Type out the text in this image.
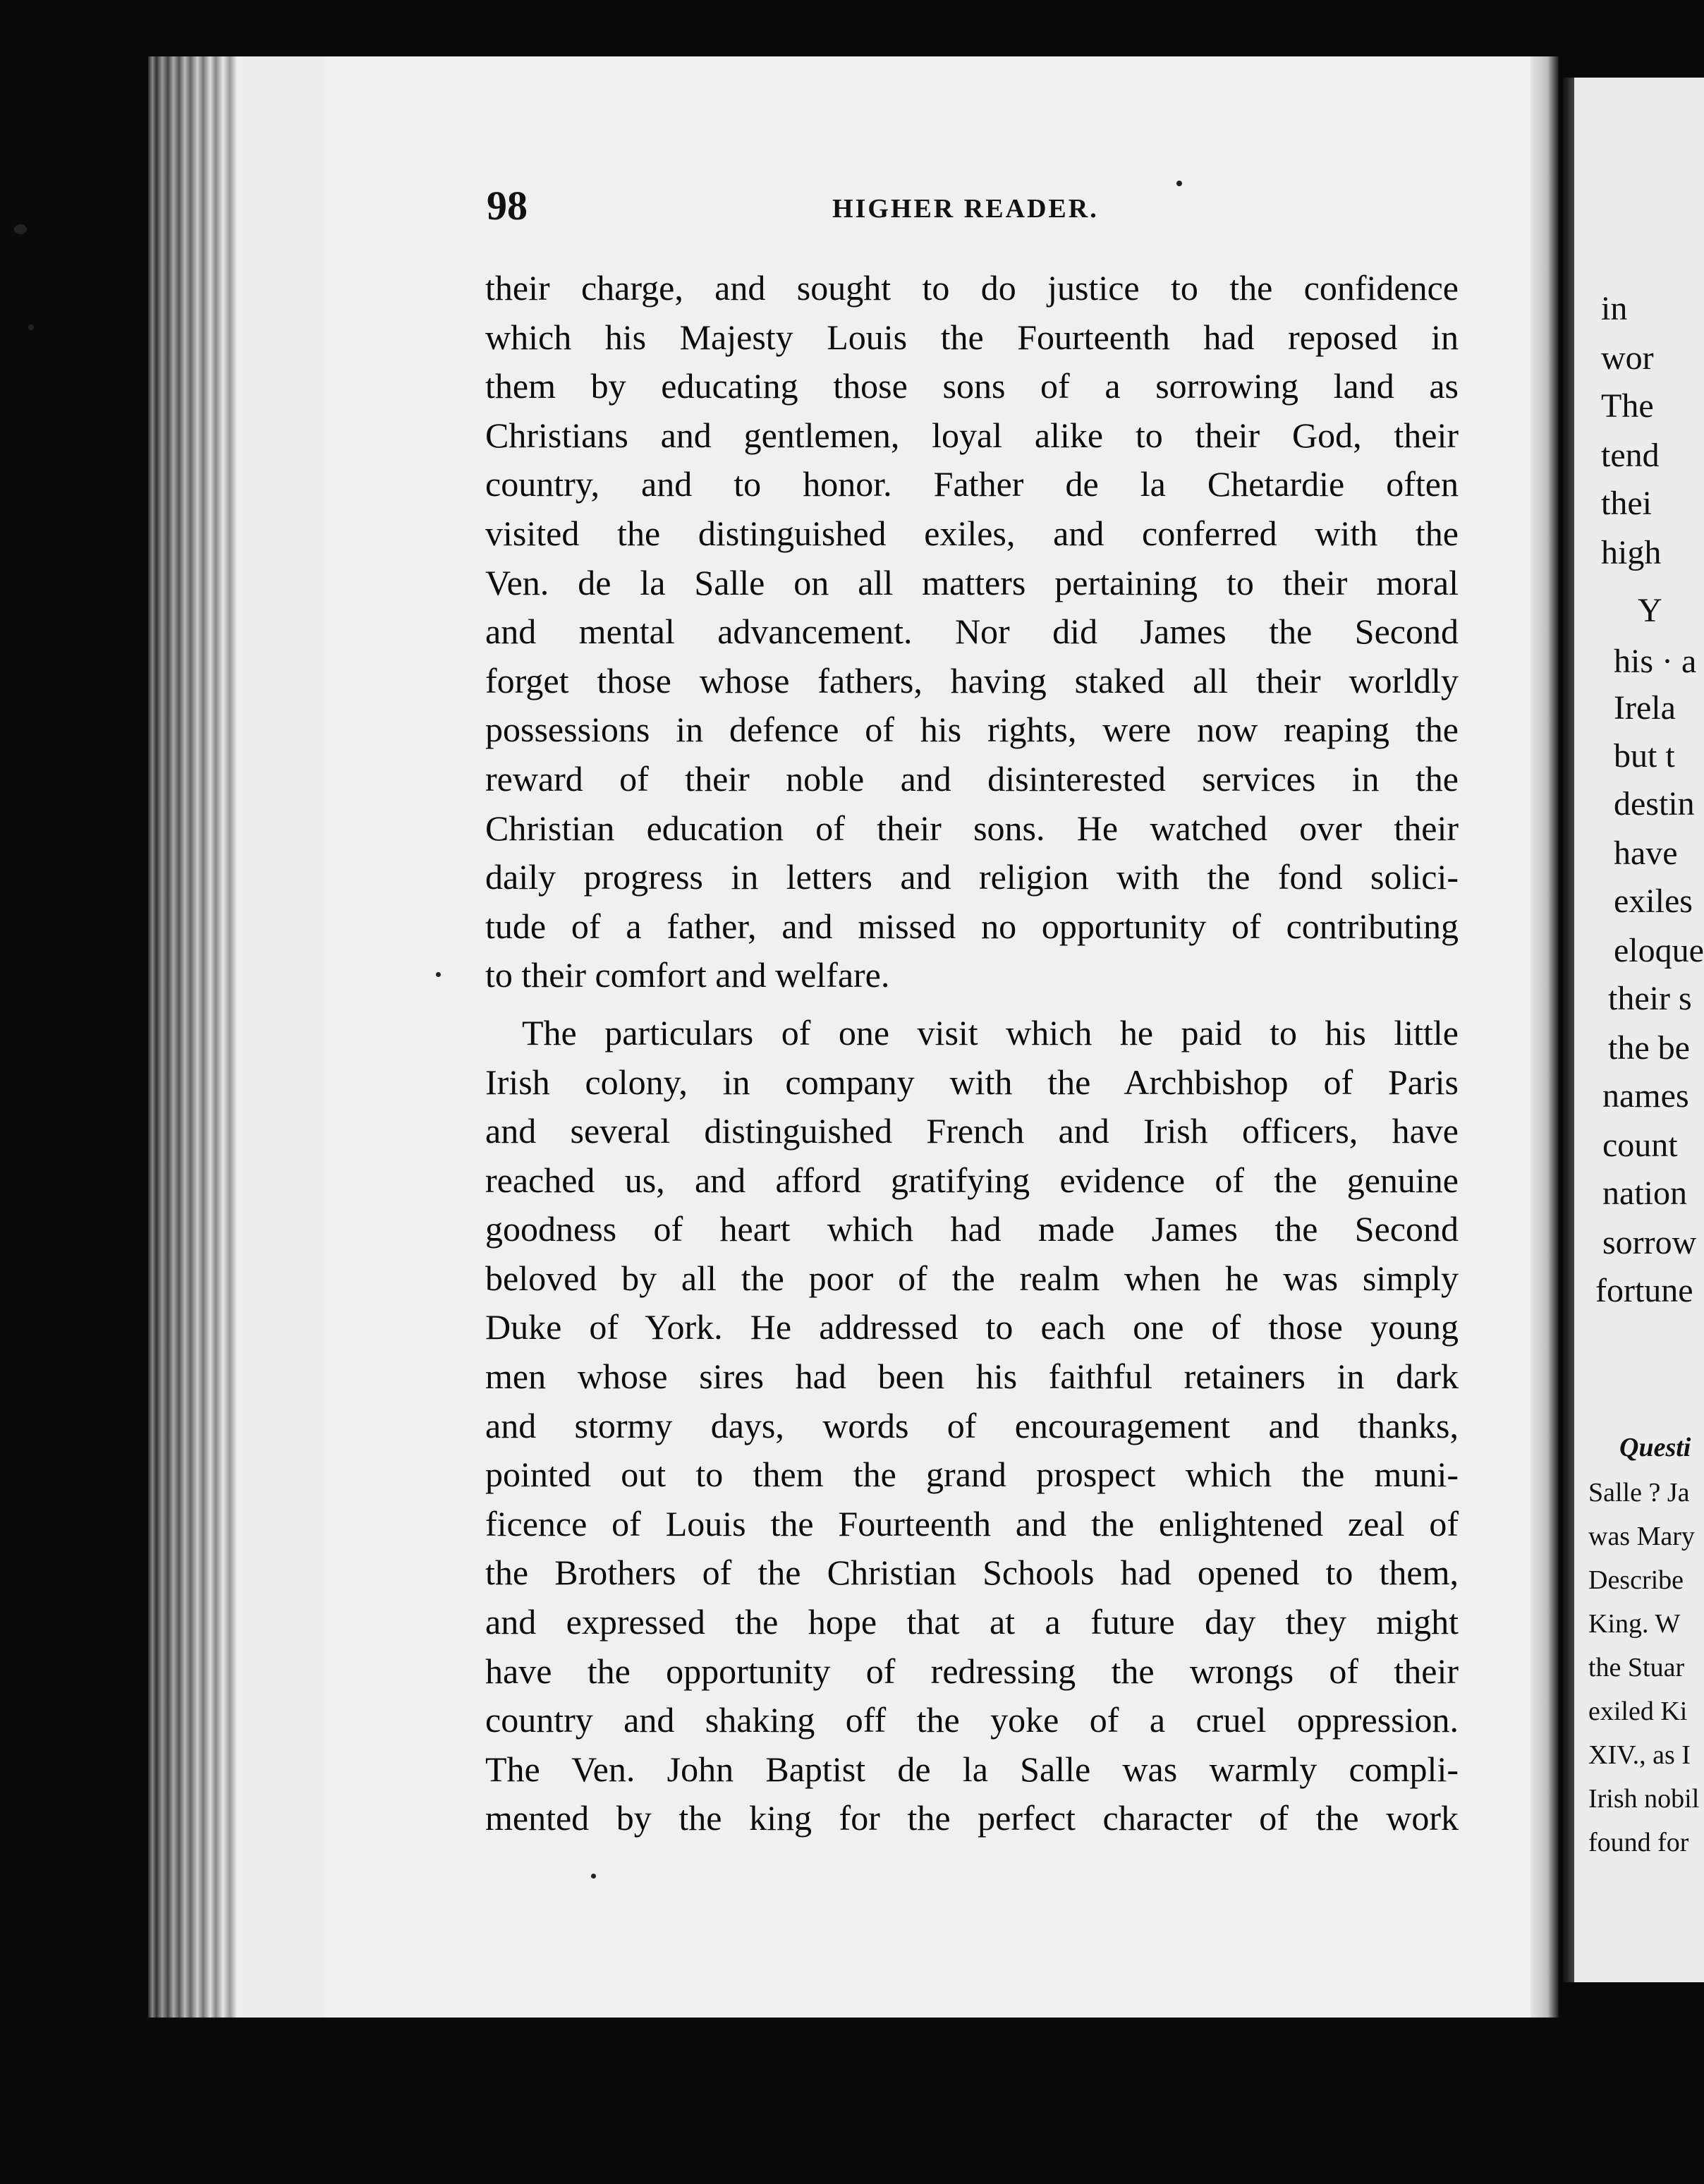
98	HIGHER READER.

their charge, and sought to do justice to the confidence
which his Majesty Louis the Fourteenth had reposed in
them by educating those sons of a sorrowing land as
Christians and gentlemen, loyal alike to their God, their
country, and to honor. Father de la Chetardie often
visited the distinguished exiles, and conferred with the
Ven. de la Salle on all matters pertaining to their moral
and mental advancement. Nor did James the Second
forget those whose fathers, having staked all their worldly
possessions in defence of his rights, were now reaping the
reward of their noble and disinterested services in the
Christian education of their sons. He watched over their
daily progress in letters and religion with the fond solici-
tude of a father, and missed no opportunity of contributing
to their comfort and welfare.

The particulars of one visit which he paid to his little
Irish colony, in company with the Archbishop of Paris
and several distinguished French and Irish officers, have
reached us, and afford gratifying evidence of the genuine
goodness of heart which had made James the Second
beloved by all the poor of the realm when he was simply
Duke of York. He addressed to each one of those young
men whose sires had been his faithful retainers in dark
and stormy days, words of encouragement and thanks,
pointed out to them the grand prospect which the muni-
ficence of Louis the Fourteenth and the enlightened zeal of
the Brothers of the Christian Schools had opened to them,
and expressed the hope that at a future day they might
have the opportunity of redressing the wrongs of their
country and shaking off the yoke of a cruel oppression.
The Ven. John Baptist de la Salle was warmly compli-
mented by the king for the perfect character of the work

in
wor
The
tend
thei
high
Y
his · a
Irela
but t
destin
have
exiles
eloque
their s
the be
names
count
nation
sorrow
fortune
Questi
Salle ? Ja
was Mary
Describe
King. W
the Stuar
exiled Ki
XIV., as I
Irish nobil
found for
